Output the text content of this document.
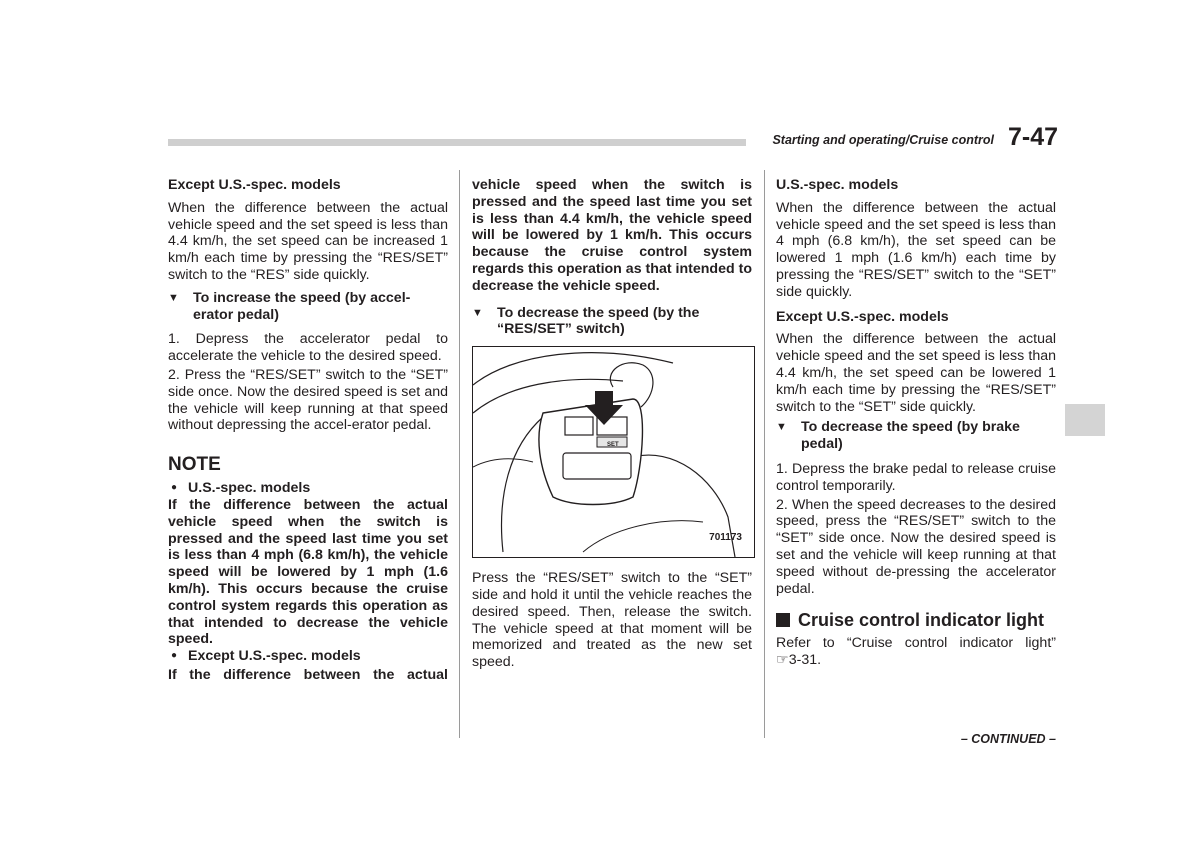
Starting and operating/Cruise control 7-47

Except U.S.-spec. models

When the difference between the actual vehicle speed and the set speed is less than 4.4 km/h, the set speed can be increased 1 km/h each time by pressing the “RES/SET” switch to the “RES” side quickly.

▼ To increase the speed (by accel-erator pedal)

1. Depress the accelerator pedal to accelerate the vehicle to the desired speed.

2. Press the “RES/SET” switch to the “SET” side once. Now the desired speed is set and the vehicle will keep running at that speed without depressing the accel-erator pedal.

NOTE
● U.S.-spec. models

If the difference between the actual vehicle speed when the switch is pressed and the speed last time you set is less than 4 mph (6.8 km/h), the vehicle speed will be lowered by 1 mph (1.6 km/h). This occurs because the cruise control system regards this operation as that intended to decrease the vehicle speed.

● Except U.S.-spec. models

If the difference between the actual

vehicle speed when the switch is pressed and the speed last time you set is less than 4.4 km/h, the vehicle speed will be lowered by 1 km/h. This occurs because the cruise control system regards this operation as that intended to decrease the vehicle speed.

▼ To decrease the speed (by the “RES/SET” switch)
SET
701173

Press the “RES/SET” switch to the “SET” side and hold it until the vehicle reaches the desired speed. Then, release the switch. The vehicle speed at that moment will be memorized and treated as the new set speed.

U.S.-spec. models

When the difference between the actual vehicle speed and the set speed is less than 4 mph (6.8 km/h), the set speed can be lowered 1 mph (1.6 km/h) each time by pressing the “RES/SET” switch to the “SET” side quickly.

Except U.S.-spec. models

When the difference between the actual vehicle speed and the set speed is less than 4.4 km/h, the set speed can be lowered 1 km/h each time by pressing the “RES/SET” switch to the “SET” side quickly.

▼ To decrease the speed (by brake pedal)

1. Depress the brake pedal to release cruise control temporarily.

2. When the speed decreases to the desired speed, press the “RES/SET” switch to the “SET” side once. Now the desired speed is set and the vehicle will keep running at that speed without de-pressing the accelerator pedal.

Cruise control indicator light

Refer to “Cruise control indicator light”

☞3-31.

– CONTINUED –
